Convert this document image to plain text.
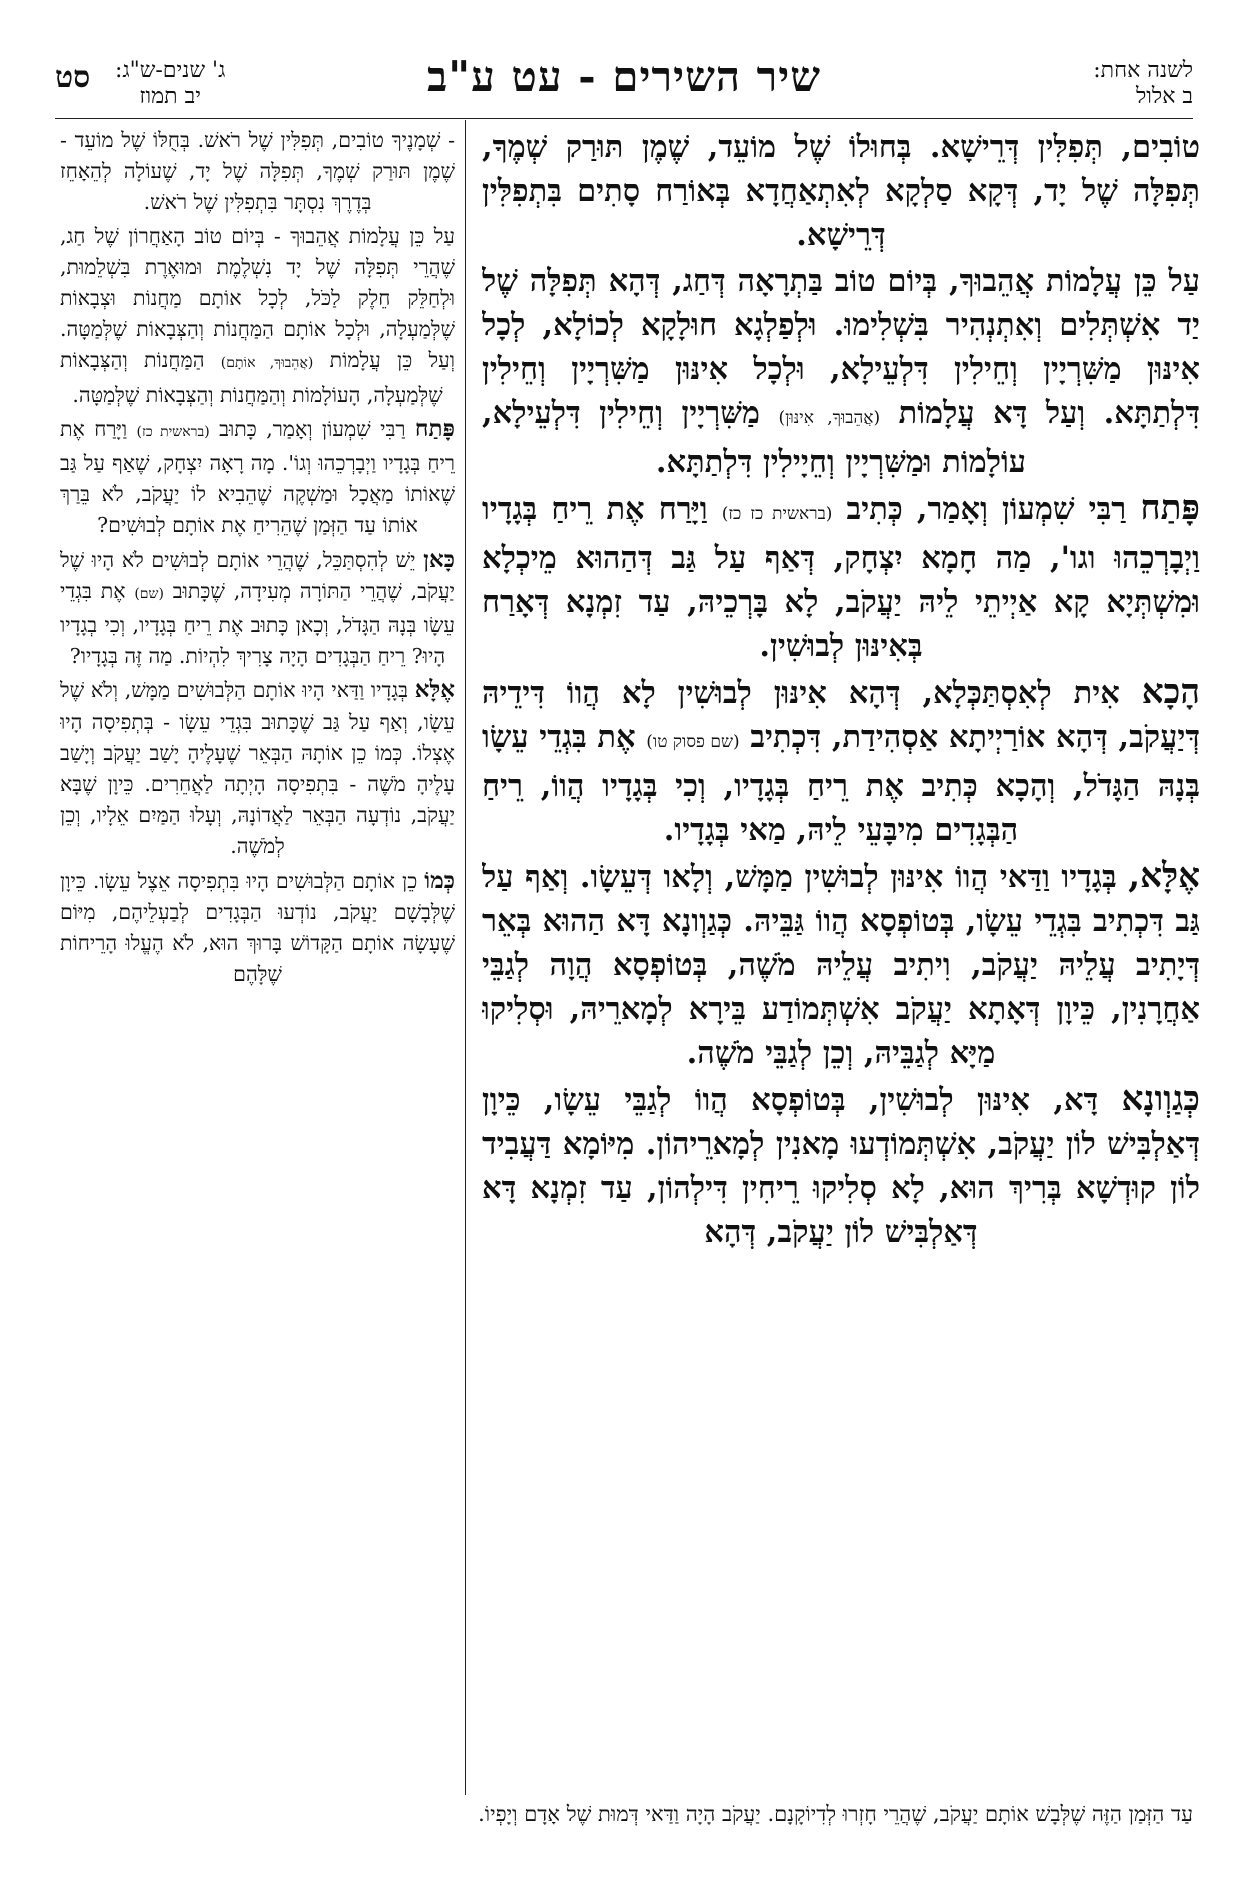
לשנה אחת:
ב אלול
שיר השירים - עט ע"ב
ג' שנים-ש"ג:
יב תמוז
סט

טוֹבִים, תְּפִלִּין דְּרֵישָׁא. בְּחוּלוֹ שֶׁל מוֹעֵד, שֶׁמֶן תּוּרַק שְׁמֶךָ, תְּפִלָּה שֶׁל יָד, דְּקָא סַלְקָא לְאִתְאַחֲדָא בְּאוֹרַח סָתִים בִּתְפִלִּין דְּרֵישָׁא.

עַל כֵּן עֲלָמוֹת אֲהֵבוּךָ, בְּיוֹם טוֹב בַּתְרָאָה דְּחַג, דְּהָא תְּפִלָּה שֶׁל יַד אִשְׁתְּלִים וְאִתְנְהִיר בִּשְׁלִימוּ. וּלְפַלְגָא חוּלָקָא לְכוֹלָא, לְכָל אִינּוּן מַשִּׁרְיָין וְחֵילִין דִּלְעֵילָא, וּלְכָל אִינּוּן מַשִּׁרְיָין וְחֵילִין דִּלְתַתָּא. וְעַל דָּא עֲלָמוֹת (אֲהֵבוּךָ, אִינּוּן) מַשִּׁרְיָין וְחֵילִין דִּלְעֵילָא, עוֹלָמוֹת וּמַשִּׁרְיָין וְחֵיָילִין דִּלְתַתָּא.

פָּתַח רַבִּי שִׁמְעוֹן וְאָמַר, כְּתִיב (בראשית כז כז) וַיָּרַח אֶת רֵיחַ בְּגָדָיו וַיְבָרְכֵהוּ וגו', מַה חָמָא יִצְחָק, דְּאַף עַל גַּב דְּהַהוּא מֵיכְלָא וּמִשְׁתְּיָא קָא אַיְיתֵי לֵיהּ יַעֲקֹב, לָא בָּרְכֵיהּ, עַד זִמְנָא דְּאָרַח בְּאִינּוּן לְבוּשִׁין.

הָכָא אִית לְאִסְתַּכְּלָא, דְּהָא אִינּוּן לְבוּשִׁין לָא הֲווֹ דִּידֵיהּ דְּיַעֲקֹב, דְּהָא אוֹרַיְיתָא אַסְהִידַת, דִּכְתִיב (שם פסוק טו) אֶת בִּגְדֵי עֵשָׂו בְּנָהּ הַגָּדֹל, וְהָכָא כְּתִיב אֶת רֵיחַ בְּגָדָיו, וְכִי בְּגָדָיו הֲווֹ, רֵיחַ הַבְּגָדִים מִיבָּעֵי לֵיהּ, מַאי בְּגָדָיו.

אֶלָּא, בְּגָדָיו וַדַּאי הֲווֹ אִינּוּן לְבוּשִׁין מַמָּשׁ, וְלָאו דְּעֵשָׂו. וְאַף עַל גַּב דִּכְתִיב בִּגְדֵי עֵשָׂו, בְּטוֹפְסָא הֲווֹ גַּבֵּיהּ. כְּגַוְונָא דָּא הַהוּא בְּאֵר דְּיָתִיב עֲלֵיהּ יַעֲקֹב, וִיתִיב עֲלֵיהּ מֹשֶׁה, בְּטוֹפְסָא הֲוָה לְגַבֵּי אַחֲרָנִין, כֵּיוָן דְּאָתָא יַעֲקֹב אִשְׁתְּמוֹדַע בֵּירָא לְמָארֵיהּ, וּסְלִיקוּ מַיָּא לְגַבֵּיהּ, וְכֵן לְגַבֵּי מֹשֶׁה.

כְּגַוְונָא דָּא, אִינּוּן לְבוּשִׁין, בְּטוֹפְסָא הֲווֹ לְגַבֵּי עֵשָׂו, כֵּיוָן דְּאַלְבִּישׁ לוֹן יַעֲקֹב, אִשְׁתְּמוֹדְעוּ מָאנִין לְמָארֵיהוֹן. מִיּוֹמָא דַּעֲבִיד לוֹן קוּדְשָׁא בְּרִיךְ הוּא, לָא סְלִיקוּ רֵיחִין דִּילְהוֹן, עַד זִמְנָא דָּא דְּאַלְבִּישׁ לוֹן יַעֲקֹב, דְּהָא

- שְׁמָנֶיךָ טוֹבִים, תְּפִלִּין שֶׁל רֹאשׁ. בְּחֻלּוֹ שֶׁל מוֹעֵד - שֶׁמֶן תּוּרַק שְׁמֶךָ, תְּפִלָּה שֶׁל יָד, שֶׁעוֹלָה לְהֵאָחֵז בְּדֶרֶךְ נִסְתָּר בִּתְפִלִּין שֶׁל רֹאשׁ.

עַל כֵּן עֲלָמוֹת אֲהֵבוּךָ - בְּיוֹם טוֹב הָאַחֲרוֹן שֶׁל חַג, שֶׁהֲרֵי תְּפִלָּה שֶׁל יָד נִשְׁלֶמֶת וּמוּאֶרֶת בִּשְׁלֵמוּת, וּלְחַלֵּק חֵלֶק לַכֹּל, לְכָל אוֹתָם מַחֲנוֹת וּצְבָאוֹת שֶׁלְּמַעְלָה, וּלְכָל אוֹתָם הַמַּחֲנוֹת וְהַצְּבָאוֹת שֶׁלְּמַטָּה. וְעַל כֵּן עֲלָמוֹת (אֲהֵבוּךָ, אוֹתָם) הַמַּחֲנוֹת וְהַצְּבָאוֹת שֶׁלְּמַעְלָה, הָעוֹלָמוֹת וְהַמַּחֲנוֹת וְהַצְּבָאוֹת שֶׁלְּמַטָּה.

פָּתַח רַבִּי שִׁמְעוֹן וְאָמַר, כָּתוּב (בראשית כז) וַיָּרַח אֶת רֵיחַ בְּגָדָיו וַיְבָרְכֵהוּ וְגוֹ'. מָה רָאָה יִצְחָק, שֶׁאַף עַל גַּב שֶׁאוֹתוֹ מַאֲכָל וּמַשְׁקֶה שֶׁהֵבִיא לוֹ יַעֲקֹב, לֹא בֵּרַךְ אוֹתוֹ עַד הַזְּמַן שֶׁהֵרִיחַ אֶת אוֹתָם לְבוּשִׁים?

כָּאן יֵשׁ לְהִסְתַּכֵּל, שֶׁהֲרֵי אוֹתָם לְבוּשִׁים לֹא הָיוּ שֶׁל יַעֲקֹב, שֶׁהֲרֵי הַתּוֹרָה מְעִידָה, שֶׁכָּתוּב (שם) אֶת בִּגְדֵי עֵשָׂו בְּנָהּ הַגָּדֹל, וְכָאן כָּתוּב אֶת רֵיחַ בְּגָדָיו, וְכִי בְגָדָיו הָיוּ? רֵיחַ הַבְּגָדִים הָיָה צָרִיךְ לִהְיוֹת. מַה זֶּה בְּגָדָיו?

אֶלָּא בְּגָדָיו וַדַּאי הָיוּ אוֹתָם הַלְּבוּשִׁים מַמָּשׁ, וְלֹא שֶׁל עֵשָׂו, וְאַף עַל גַּב שֶׁכָּתוּב בִּגְדֵי עֵשָׂו - בְּתְפִיסָה הָיוּ אֶצְלוֹ. כְּמוֹ כֵן אוֹתָהּ הַבְּאֵר שֶׁעָלֶיהָ יָשַׁב יַעֲקֹב וְיָשַׁב עָלֶיהָ מֹשֶׁה - בִּתְפִיסָה הָיְתָה לַאֲחֵרִים. כֵּיוָן שֶׁבָּא יַעֲקֹב, נוֹדְעָה הַבְּאֵר לַאֲדוֹנָהּ, וְעָלוּ הַמַּיִם אֵלָיו, וְכֵן לְמֹשֶׁה.

כְּמוֹ כֵן אוֹתָם הַלְּבוּשִׁים הָיוּ בִּתְפִיסָה אֵצֶל עֵשָׂו. כֵּיוָן שֶׁלְּבָשָׁם יַעֲקֹב, נוֹדְעוּ הַבְּגָדִים לְבַעְלֵיהֶם, מִיּוֹם שֶׁעָשָׂה אוֹתָם הַקָּדוֹשׁ בָּרוּךְ הוּא, לֹא הֶעֱלוּ הָרֵיחוֹת שֶׁלָּהֶם

עַד הַזְּמַן הַזֶּה שֶׁלְּבָשׁ אוֹתָם יַעֲקֹב, שֶׁהֲרֵי חָזְרוּ לְדִיוֹקָנָם. יַעֲקֹב הָיָה וַדַּאי דְּמוּת שֶׁל אָדָם וְיָפְיוֹ.
